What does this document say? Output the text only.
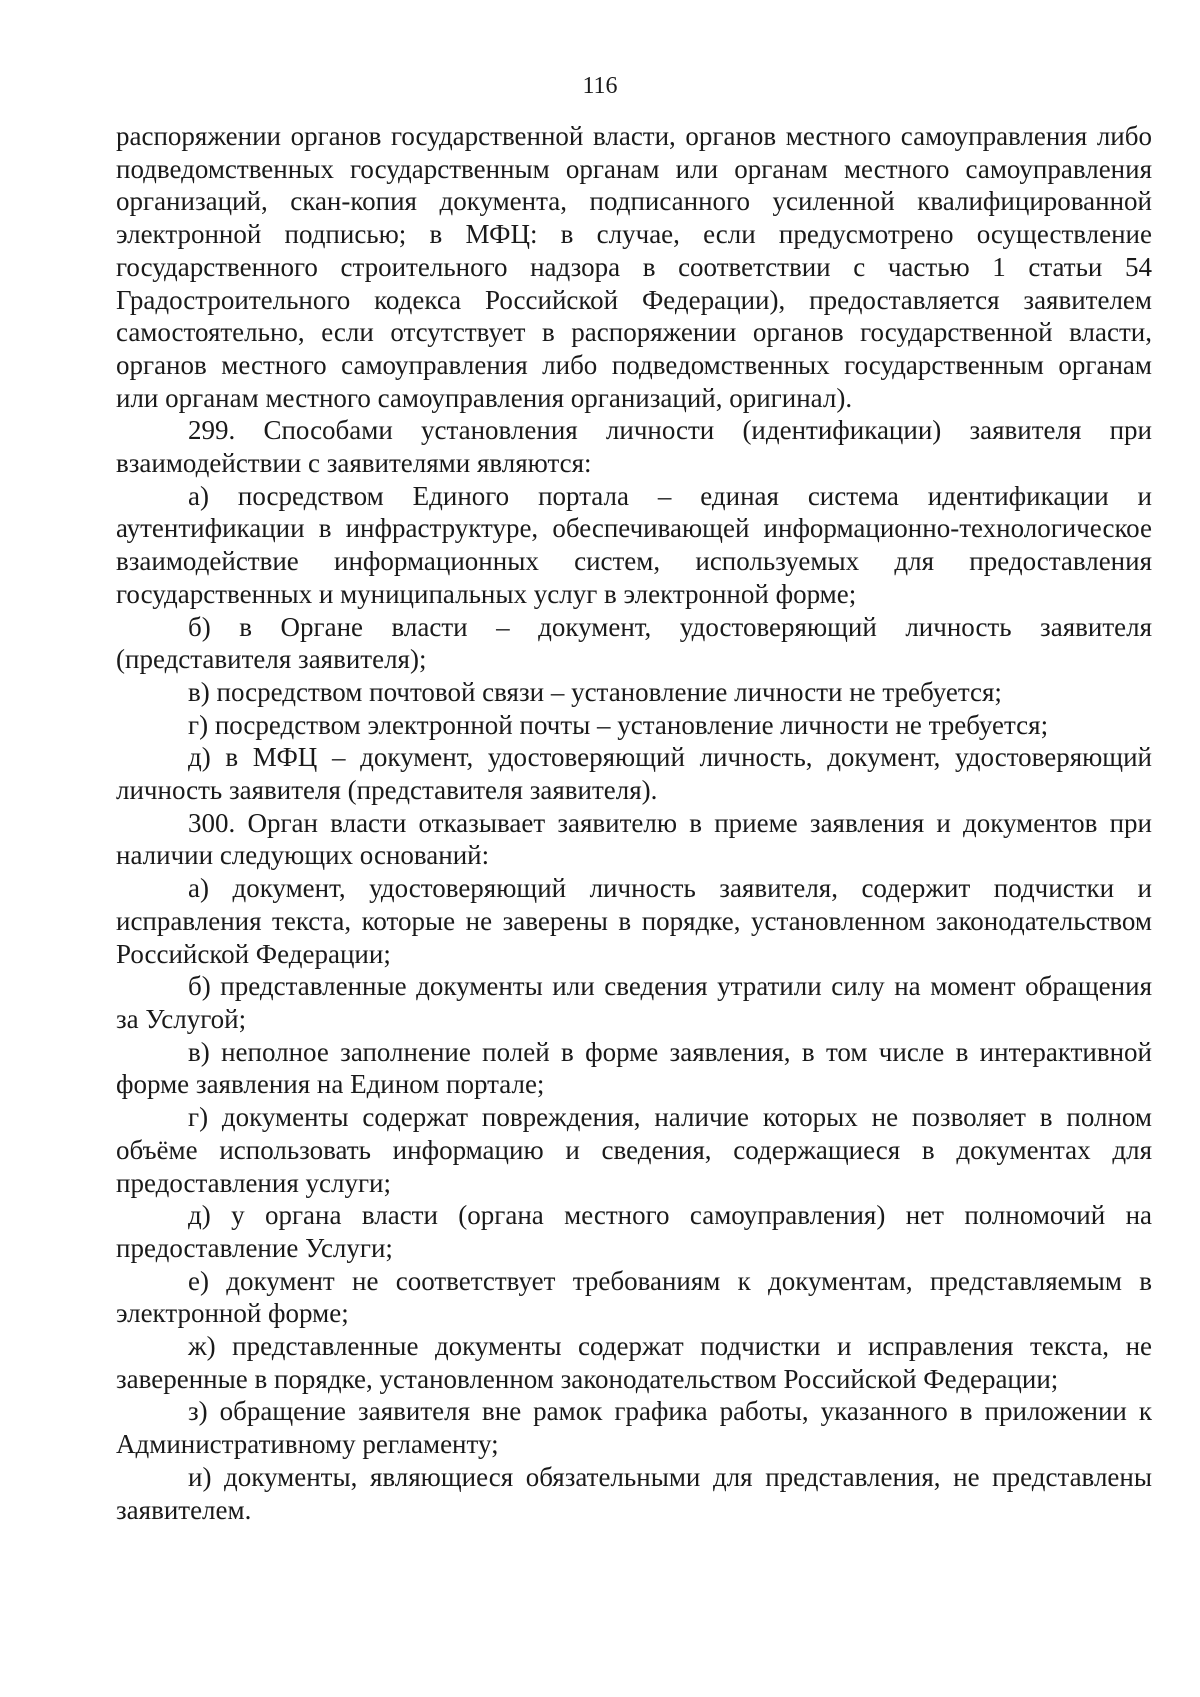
116

распоряжении органов государственной власти, органов местного самоуправления либо подведомственных государственным органам или органам местного самоуправления организаций, скан-копия документа, подписанного усиленной квалифицированной электронной подписью; в МФЦ: в случае, если предусмотрено осуществление государственного строительного надзора в соответствии с частью 1 статьи 54 Градостроительного кодекса Российской Федерации), предоставляется заявителем самостоятельно, если отсутствует в распоряжении органов государственной власти, органов местного самоуправления либо подведомственных государственным органам или органам местного самоуправления организаций, оригинал).

299. Способами установления личности (идентификации) заявителя при взаимодействии с заявителями являются:

а) посредством Единого портала – единая система идентификации и аутентификации в инфраструктуре, обеспечивающей информационно-технологическое взаимодействие информационных систем, используемых для предоставления государственных и муниципальных услуг в электронной форме;

б) в Органе власти – документ, удостоверяющий личность заявителя (представителя заявителя);

в) посредством почтовой связи – установление личности не требуется;

г) посредством электронной почты – установление личности не требуется;

д) в МФЦ – документ, удостоверяющий личность, документ, удостоверяющий личность заявителя (представителя заявителя).

300. Орган власти отказывает заявителю в приеме заявления и документов при наличии следующих оснований:

а) документ, удостоверяющий личность заявителя, содержит подчистки и исправления текста, которые не заверены в порядке, установленном законодательством Российской Федерации;

б) представленные документы или сведения утратили силу на момент обращения за Услугой;

в) неполное заполнение полей в форме заявления, в том числе в интерактивной форме заявления на Едином портале;

г) документы содержат повреждения, наличие которых не позволяет в полном объёме использовать информацию и сведения, содержащиеся в документах для предоставления услуги;

д) у органа власти (органа местного самоуправления) нет полномочий на предоставление Услуги;

е) документ не соответствует требованиям к документам, представляемым в электронной форме;

ж) представленные документы содержат подчистки и исправления текста, не заверенные в порядке, установленном законодательством Российской Федерации;

з) обращение заявителя вне рамок графика работы, указанного в приложении к Административному регламенту;

и) документы, являющиеся обязательными для представления, не представлены заявителем.
